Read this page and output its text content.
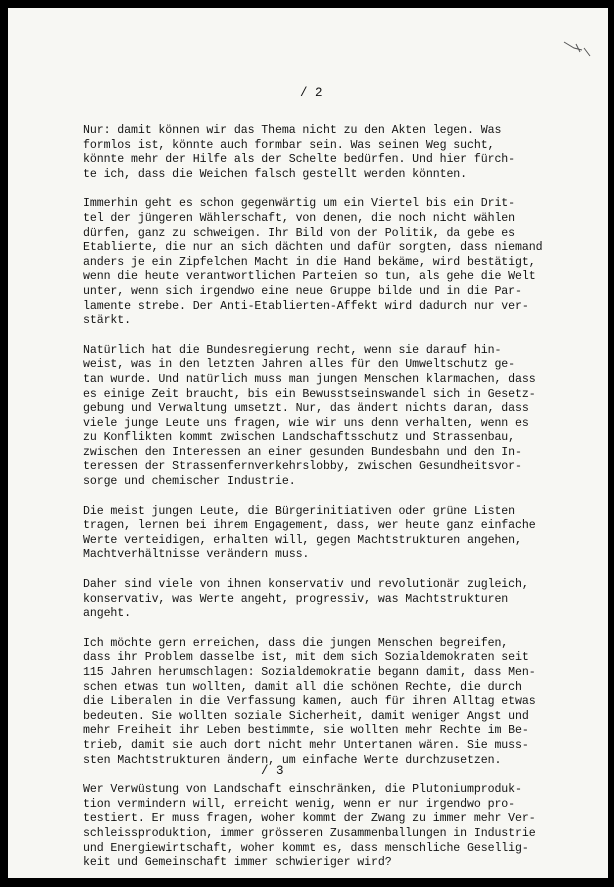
/ 2
Nur: damit können wir das Thema nicht zu den Akten legen. Was
formlos ist, könnte auch formbar sein. Was seinen Weg sucht,
könnte mehr der Hilfe als der Schelte bedürfen. Und hier fürch-
te ich, dass die Weichen falsch gestellt werden könnten.
Immerhin geht es schon gegenwärtig um ein Viertel bis ein Drit-
tel der jüngeren Wählerschaft, von denen, die noch nicht wählen
dürfen, ganz zu schweigen. Ihr Bild von der Politik, da gebe es
Etablierte, die nur an sich dächten und dafür sorgten, dass niemand
anders je ein Zipfelchen Macht in die Hand bekäme, wird bestätigt,
wenn die heute verantwortlichen Parteien so tun, als gehe die Welt
unter, wenn sich irgendwo eine neue Gruppe bilde und in die Par-
lamente strebe. Der Anti-Etablierten-Affekt wird dadurch nur ver-
stärkt.
Natürlich hat die Bundesregierung recht, wenn sie darauf hin-
weist, was in den letzten Jahren alles für den Umweltschutz ge-
tan wurde. Und natürlich muss man jungen Menschen klarmachen, dass
es einige Zeit braucht, bis ein Bewusstseinswandel sich in Gesetz-
gebung und Verwaltung umsetzt. Nur, das ändert nichts daran, dass
viele junge Leute uns fragen, wie wir uns denn verhalten, wenn es
zu Konflikten kommt zwischen Landschaftsschutz und Strassenbau,
zwischen den Interessen an einer gesunden Bundesbahn und den In-
teressen der Strassenfernverkehrslobby, zwischen Gesundheitsvor-
sorge und chemischer Industrie.
Die meist jungen Leute, die Bürgerinitiativen oder grüne Listen
tragen, lernen bei ihrem Engagement, dass, wer heute ganz einfache
Werte verteidigen, erhalten will, gegen Machtstrukturen angehen,
Machtverhältnisse verändern muss.
Daher sind viele von ihnen konservativ und revolutionär zugleich,
konservativ, was Werte angeht, progressiv, was Machtstrukturen
angeht.
Ich möchte gern erreichen, dass die jungen Menschen begreifen,
dass ihr Problem dasselbe ist, mit dem sich Sozialdemokraten seit
115 Jahren herumschlagen: Sozialdemokratie begann damit, dass Men-
schen etwas tun wollten, damit all die schönen Rechte, die durch
die Liberalen in die Verfassung kamen, auch für ihren Alltag etwas
bedeuten. Sie wollten soziale Sicherheit, damit weniger Angst und
mehr Freiheit ihr Leben bestimmte, sie wollten mehr Rechte im Be-
trieb, damit sie auch dort nicht mehr Untertanen wären. Sie muss-
sten Machtstrukturen ändern, um einfache Werte durchzusetzen.
Wer Verwüstung von Landschaft einschränken, die Plutoniumproduk-
tion vermindern will, erreicht wenig, wenn er nur irgendwo pro-
testiert. Er muss fragen, woher kommt der Zwang zu immer mehr Ver-
schleissproduktion, immer grösseren Zusammenballungen in Industrie
und Energiewirtschaft, woher kommt es, dass menschliche Gesellig-
keit und Gemeinschaft immer schwieriger wird?
/ 3
